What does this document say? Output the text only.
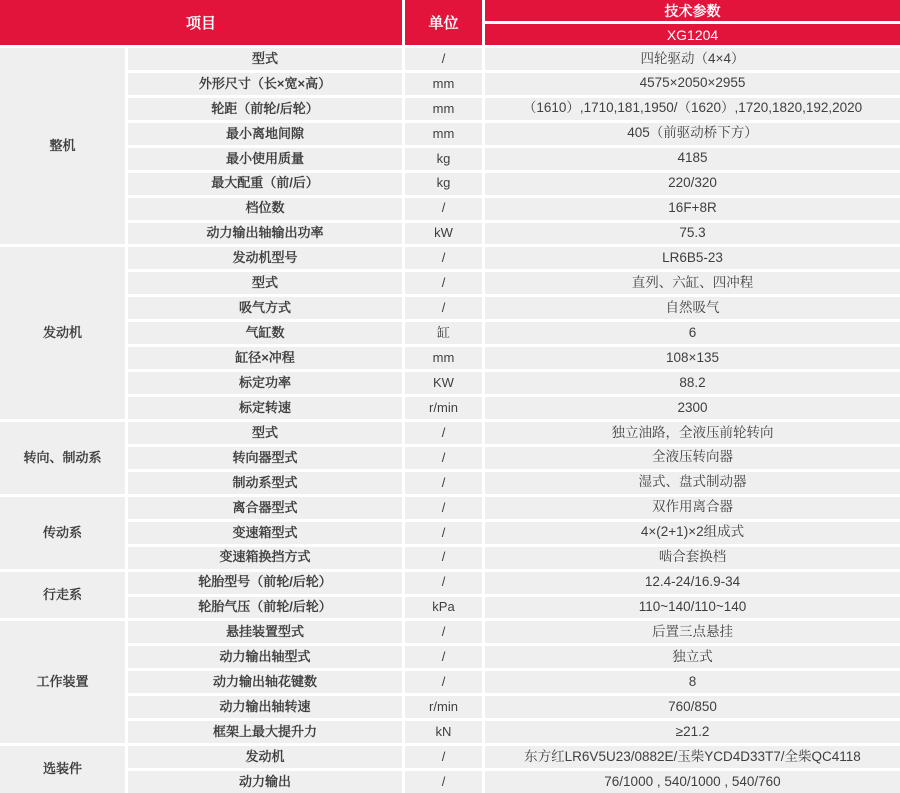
项目	单位
技术参数
XG1204
整机
型式	/	四轮驱动（4×4）
外形尺寸（长×宽×高）	mm	4575×2050×2955
轮距（前轮/后轮）	mm	（1610）,1710,181,1950/（1620）,1720,1820,192,2020
最小离地间隙	mm	405（前驱动桥下方）
最小使用质量	kg	4185
最大配重（前/后）	kg	220/320
档位数	/	16F+8R
动力输出轴输出功率	kW	75.3
发动机
发动机型号	/	LR6B5-23
型式	/	直列、六缸、四冲程
吸气方式	/	自然吸气
气缸数	缸	6
缸径×冲程	mm	108×135
标定功率	KW	88.2
标定转速	r/min	2300
转向、制动系
型式	/	独立油路，全液压前轮转向
转向器型式	/	全液压转向器
制动系型式	/	湿式、盘式制动器
传动系
离合器型式	/	双作用离合器
变速箱型式	/	4×(2+1)×2组成式
变速箱换挡方式	/	啮合套换档
行走系
轮胎型号（前轮/后轮）	/	12.4-24/16.9-34
轮胎气压（前轮/后轮）	kPa	110~140/110~140
工作装置
悬挂装置型式	/	后置三点悬挂
动力输出轴型式	/	独立式
动力输出轴花键数	/	8
动力输出轴转速	r/min	760/850
框架上最大提升力	kN	≥21.2
选装件
发动机	/	东方红LR6V5U23/0882E/玉柴YCD4D33T7/全柴QC4118
动力输出	/	76/1000 , 540/1000 , 540/760
